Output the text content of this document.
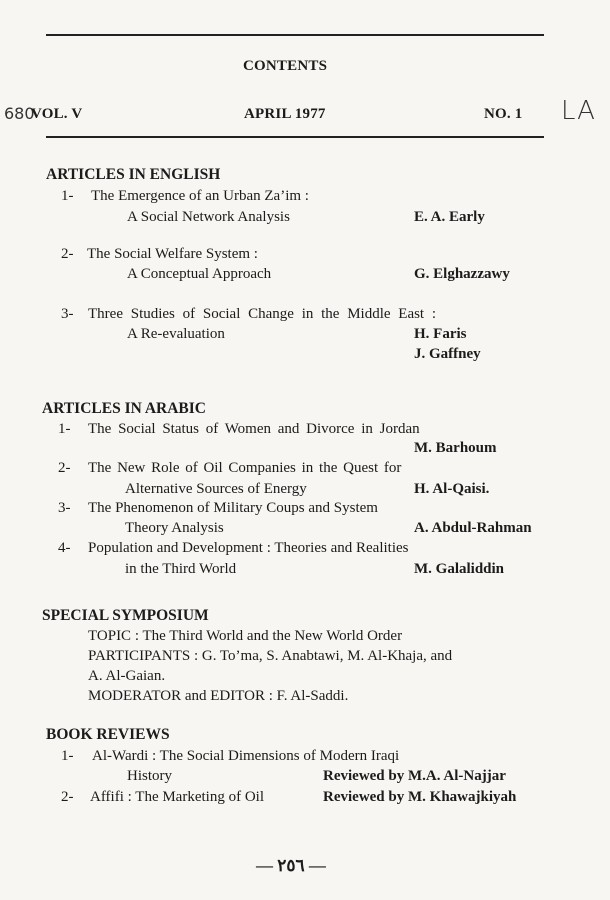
CONTENTS
680
VOL. V	APRIL 1977	NO. 1 LA
ARTICLES IN ENGLISH
1- The Emergence of an Urban Za’im :
A Social Network Analysis	E. A. Early
2- The Social Welfare System :
A Conceptual Approach	G. Elghazzawy
3- Three Studies of Social Change in the Middle East :
A Re-evaluation	H. Faris
J. Gaffney
ARTICLES IN ARABIC
1- The Social Status of Women and Divorce in Jordan
M. Barhoum
2- The New Role of Oil Companies in the Quest for
Alternative Sources of Energy	H. Al-Qaisi.
3- The Phenomenon of Military Coups and System
Theory Analysis	A. Abdul-Rahman
4- Population and Development : Theories and Realities
in the Third World	M. Galaliddin
SPECIAL SYMPOSIUM
TOPIC : The Third World and the New World Order
PARTICIPANTS : G. To’ma, S. Anabtawi, M. Al-Khaja, and
A. Al-Gaian.
MODERATOR and EDITOR : F. Al-Saddi.
BOOK REVIEWS
1- Al-Wardi : The Social Dimensions of Modern Iraqi
History	Reviewed by M.A. Al-Najjar
2- Affifi : The Marketing of Oil	Reviewed by M. Khawajkiyah
— ٢٥٦ —
